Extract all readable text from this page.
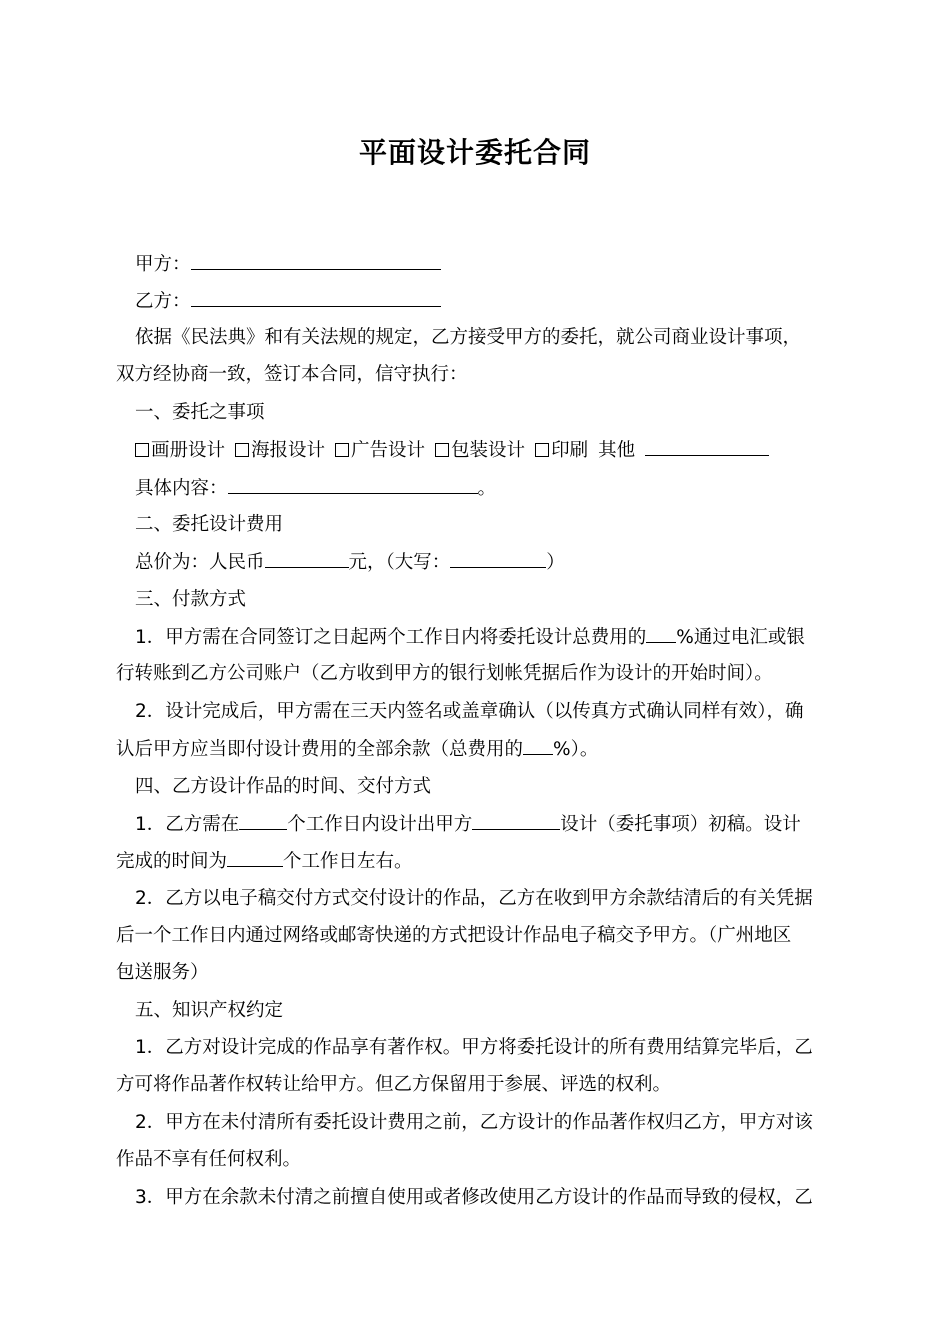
平面设计委托合同
甲方：
乙方：
依据《民法典》和有关法规的规定，乙方接受甲方的委托，就公司商业设计事项，
双方经协商一致，签订本合同，信守执行：
一、委托之事项
画册设计 海报设计 广告设计 包装设计 印刷 其他
具体内容：	。
二、委托设计费用
总价为：人民币	元，（大写：	）
三、付款方式
1．甲方需在合同签订之日起两个工作日内将委托设计总费用的 %通过电汇或银
行转账到乙方公司账户（乙方收到甲方的银行划帐凭据后作为设计的开始时间）。
2．设计完成后，甲方需在三天内签名或盖章确认（以传真方式确认同样有效），确
认后甲方应当即付设计费用的全部余款（总费用的 %）。
四、乙方设计作品的时间、交付方式
1．乙方需在	个工作日内设计出甲方	设计（委托事项）初稿。设计
完成的时间为	个工作日左右。
2．乙方以电子稿交付方式交付设计的作品，乙方在收到甲方余款结清后的有关凭据
后一个工作日内通过网络或邮寄快递的方式把设计作品电子稿交予甲方。（广州地区
包送服务）
五、知识产权约定
1．乙方对设计完成的作品享有著作权。甲方将委托设计的所有费用结算完毕后，乙
方可将作品著作权转让给甲方。但乙方保留用于参展、评选的权利。
2．甲方在未付清所有委托设计费用之前，乙方设计的作品著作权归乙方，甲方对该
作品不享有任何权利。
3．甲方在余款未付清之前擅自使用或者修改使用乙方设计的作品而导致的侵权，乙
